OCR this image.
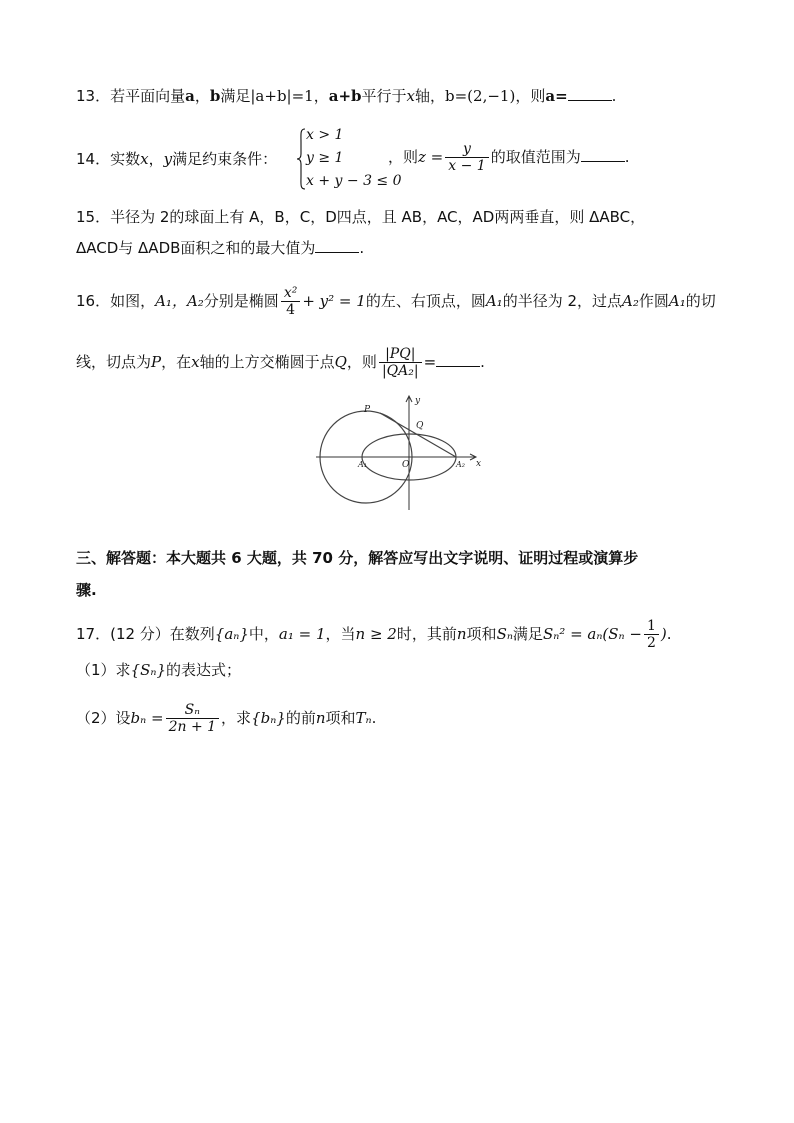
13．若平面向量a，b满足|a+b|=1，a+b平行于x轴，b=(2,−1)，则a=	.
14．实数x，y满足约束条件：
x > 1
y ≥ 1
x + y − 3 ≤ 0
，则$z = \frac{y}{x - 1}$ 的取值范围为	.
15．半径为 2的球面上有 A，B，C，D四点，且 AB，AC，AD两两垂直，则 ΔABC，
ΔACD与 ΔADB面积之和的最大值为	.
16．如图，A₁，A₂分别是椭圆 $\frac{\text{x²}}{4} + y^2 = 1$的左、右顶点，圆A₁的半径为 2，过点A₂作圆A₁的切
线，切点为P，在x轴的上方交椭圆于点Q，则 $\frac{|PQ|}{\text{|QA₂|}}$ =	.
P
y
Q
A₁	O	A₂ x
三、解答题：本大题共 6 大题，共 70 分，解答应写出文字说明、证明过程或演算步
骤.
17．(12 分）在数列{aₙ}中，a₁ = 1，当n ≥ 2时，其前n项和Sₙ满足$S_n^2 = a_n(S_n - \frac{1}{2}$ ).
（1）求{Sₙ}的表达式；
（2）设$b_n = \frac{\text{Sₙ}}{2n + 1}$ ，求{bₙ}的前n项和Tₙ.
